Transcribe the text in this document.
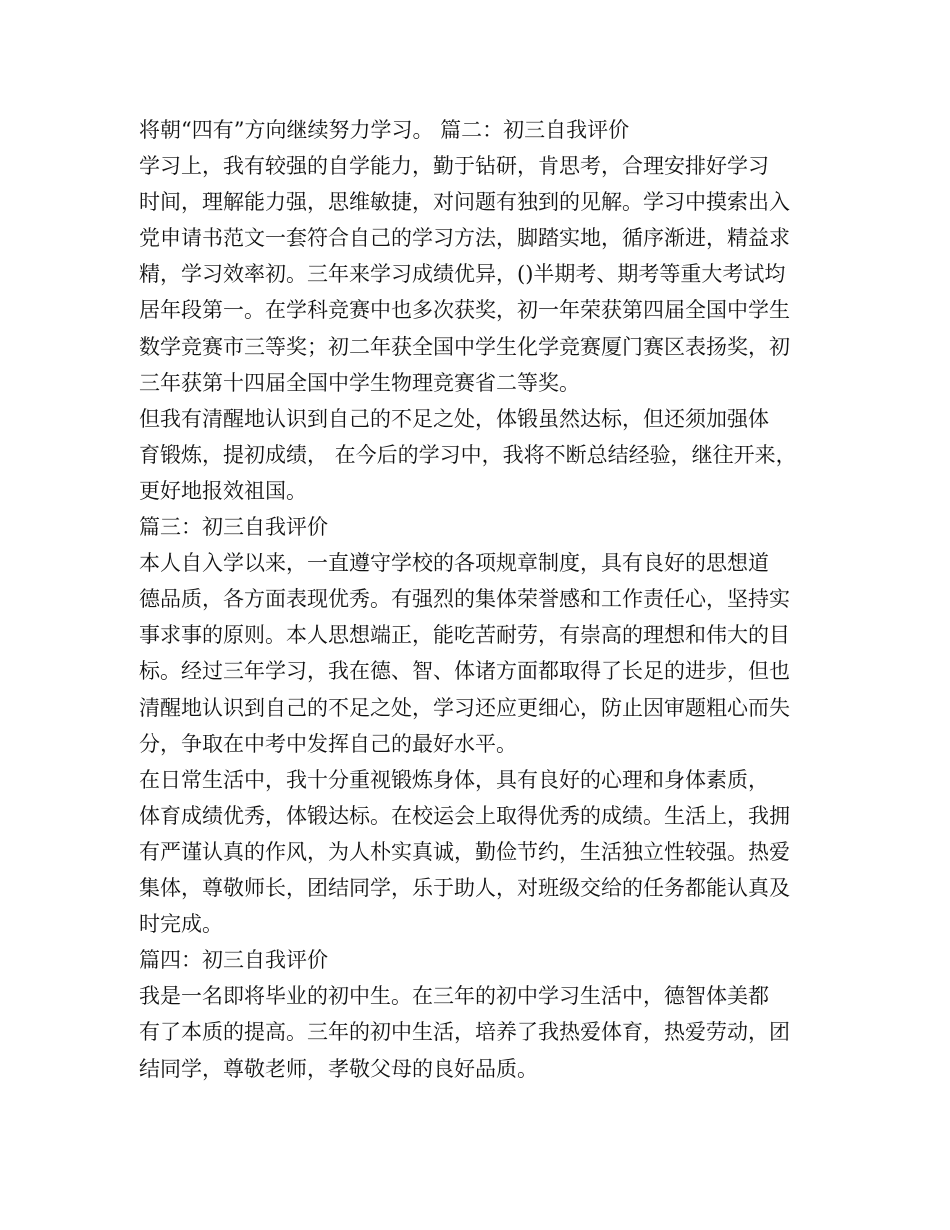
将朝“四有”方向继续努力学习。 篇二：初三自我评价
学习上，我有较强的自学能力，勤于钻研，肯思考，合理安排好学习
时间，理解能力强，思维敏捷，对问题有独到的见解。学习中摸索出入
党申请书范文一套符合自己的学习方法，脚踏实地，循序渐进，精益求
精，学习效率初。三年来学习成绩优异，()半期考、期考等重大考试均
居年段第一。在学科竞赛中也多次获奖，初一年荣获第四届全国中学生
数学竞赛市三等奖；初二年获全国中学生化学竞赛厦门赛区表扬奖，初
三年获第十四届全国中学生物理竞赛省二等奖。
但我有清醒地认识到自己的不足之处，体锻虽然达标，但还须加强体
育锻炼，提初成绩， 在今后的学习中，我将不断总结经验，继往开来，
更好地报效祖国。
篇三：初三自我评价
本人自入学以来，一直遵守学校的各项规章制度，具有良好的思想道
德品质，各方面表现优秀。有强烈的集体荣誉感和工作责任心，坚持实
事求事的原则。本人思想端正，能吃苦耐劳，有崇高的理想和伟大的目
标。经过三年学习，我在德、智、体诸方面都取得了长足的进步，但也
清醒地认识到自己的不足之处，学习还应更细心，防止因审题粗心而失
分，争取在中考中发挥自己的最好水平。
在日常生活中，我十分重视锻炼身体，具有良好的心理和身体素质，
体育成绩优秀，体锻达标。在校运会上取得优秀的成绩。生活上，我拥
有严谨认真的作风，为人朴实真诚，勤俭节约，生活独立性较强。热爱
集体，尊敬师长，团结同学，乐于助人，对班级交给的任务都能认真及
时完成。
篇四：初三自我评价
我是一名即将毕业的初中生。在三年的初中学习生活中，德智体美都
有了本质的提高。三年的初中生活，培养了我热爱体育，热爱劳动，团
结同学，尊敬老师，孝敬父母的良好品质。
